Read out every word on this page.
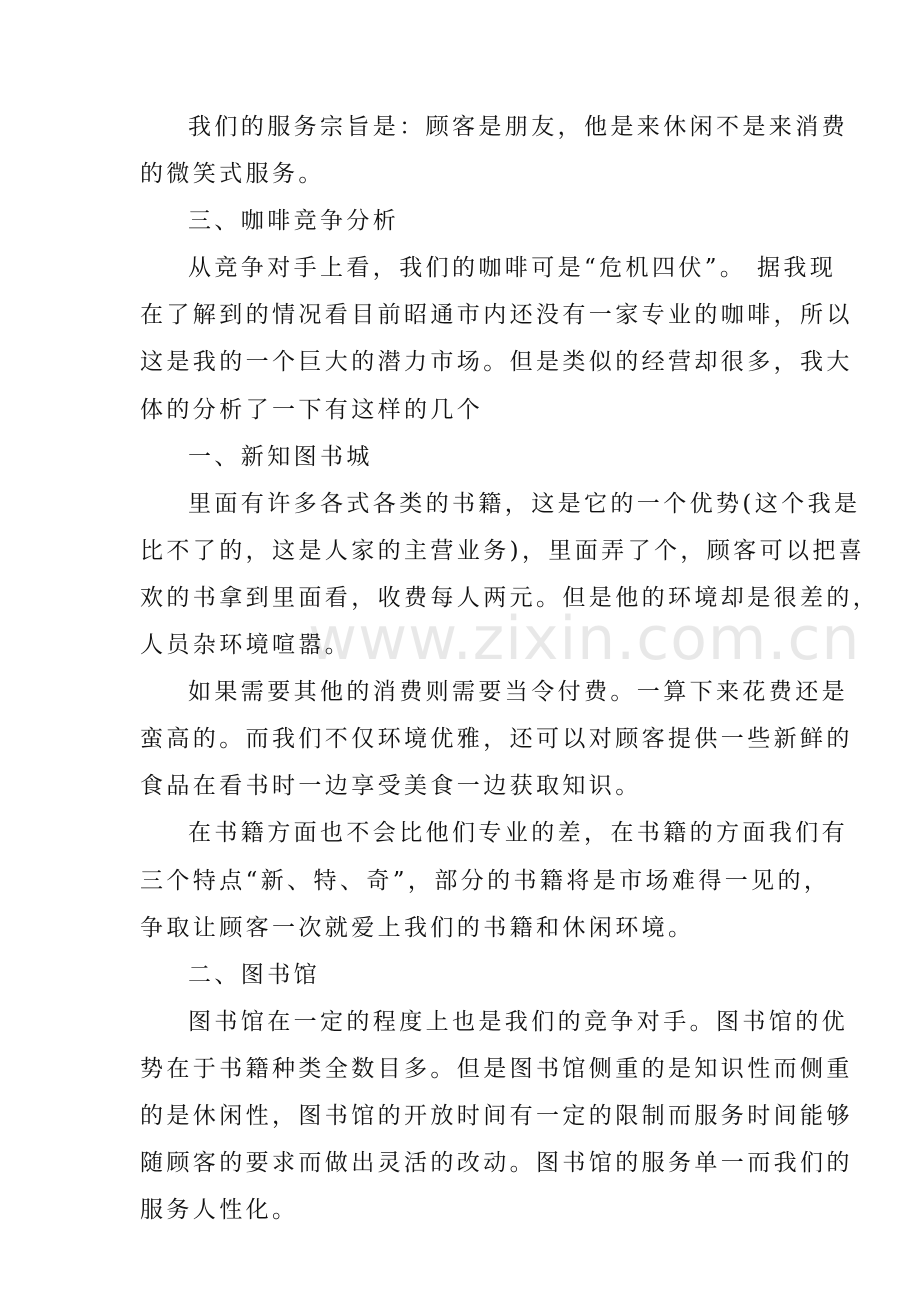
我们的服务宗旨是：顾客是朋友，他是来休闲不是来消费
的微笑式服务。

三、咖啡竞争分析

从竞争对手上看，我们的咖啡可是“危机四伏”。 据我现
在了解到的情况看目前昭通市内还没有一家专业的咖啡，所以
这是我的一个巨大的潜力市场。但是类似的经营却很多，我大
体的分析了一下有这样的几个

一、新知图书城

里面有许多各式各类的书籍，这是它的一个优势(这个我是
比不了的，这是人家的主营业务)，里面弄了个，顾客可以把喜
欢的书拿到里面看，收费每人两元。但是他的环境却是很差的，
人员杂环境喧嚣。

如果需要其他的消费则需要当令付费。一算下来花费还是
蛮高的。而我们不仅环境优雅，还可以对顾客提供一些新鲜的
食品在看书时一边享受美食一边获取知识。

在书籍方面也不会比他们专业的差，在书籍的方面我们有
三个特点“新、特、奇”，部分的书籍将是市场难得一见的，
争取让顾客一次就爱上我们的书籍和休闲环境。

二、图书馆

图书馆在一定的程度上也是我们的竞争对手。图书馆的优
势在于书籍种类全数目多。但是图书馆侧重的是知识性而侧重
的是休闲性，图书馆的开放时间有一定的限制而服务时间能够
随顾客的要求而做出灵活的改动。图书馆的服务单一而我们的
服务人性化。

www.zixin.com.cn
